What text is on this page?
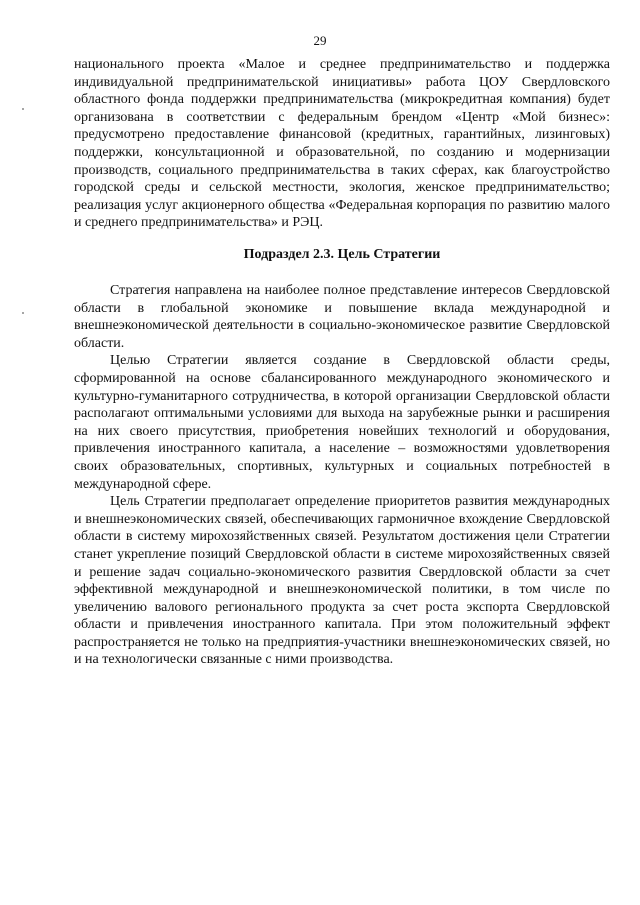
29

национального проекта «Малое и среднее предпринимательство и поддержка индивидуальной предпринимательской инициативы» работа ЦОУ Свердловского областного фонда поддержки предпринимательства (микрокредитная компания) будет организована в соответствии с федеральным брендом «Центр «Мой бизнес»: предусмотрено предоставление финансовой (кредитных, гарантийных, лизинговых) поддержки, консультационной и образовательной, по созданию и модернизации производств, социального предпринимательства в таких сферах, как благоустройство городской среды и сельской местности, экология, женское предпринимательство; реализация услуг акционерного общества «Федеральная корпорация по развитию малого и среднего предпринимательства» и РЭЦ.

Подраздел 2.3. Цель Стратегии

Стратегия направлена на наиболее полное представление интересов Свердловской области в глобальной экономике и повышение вклада международной и внешнеэкономической деятельности в социально-экономическое развитие Свердловской области.

Целью Стратегии является создание в Свердловской области среды, сформированной на основе сбалансированного международного экономического и культурно-гуманитарного сотрудничества, в которой организации Свердловской области располагают оптимальными условиями для выхода на зарубежные рынки и расширения на них своего присутствия, приобретения новейших технологий и оборудования, привлечения иностранного капитала, а население – возможностями удовлетворения своих образовательных, спортивных, культурных и социальных потребностей в международной сфере.

Цель Стратегии предполагает определение приоритетов развития международных и внешнеэкономических связей, обеспечивающих гармоничное вхождение Свердловской области в систему мирохозяйственных связей. Результатом достижения цели Стратегии станет укрепление позиций Свердловской области в системе мирохозяйственных связей и решение задач социально-экономического развития Свердловской области за счет эффективной международной и внешнеэкономической политики, в том числе по увеличению валового регионального продукта за счет роста экспорта Свердловской области и привлечения иностранного капитала. При этом положительный эффект распространяется не только на предприятия-участники внешнеэкономических связей, но и на технологически связанные с ними производства.
